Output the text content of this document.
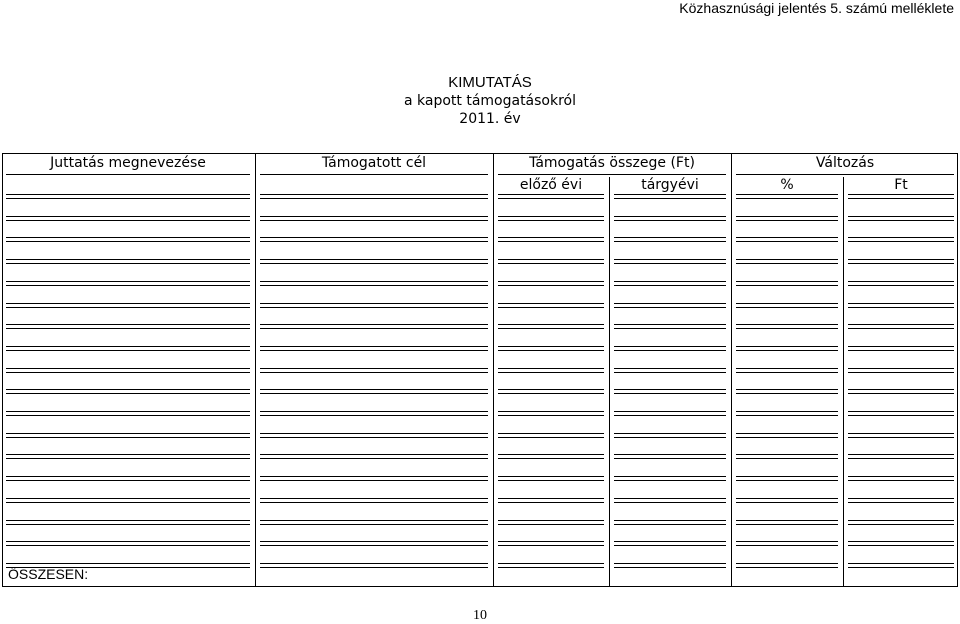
Közhasznúsági jelentés 5. számú melléklete
KIMUTATÁS
a kapott támogatásokról
2011. év
Juttatás megnevezése	Támogatott cél	Támogatás összege (Ft)	Változás
előző évi	tárgyévi	%	Ft
ÖSSZESEN:
10
